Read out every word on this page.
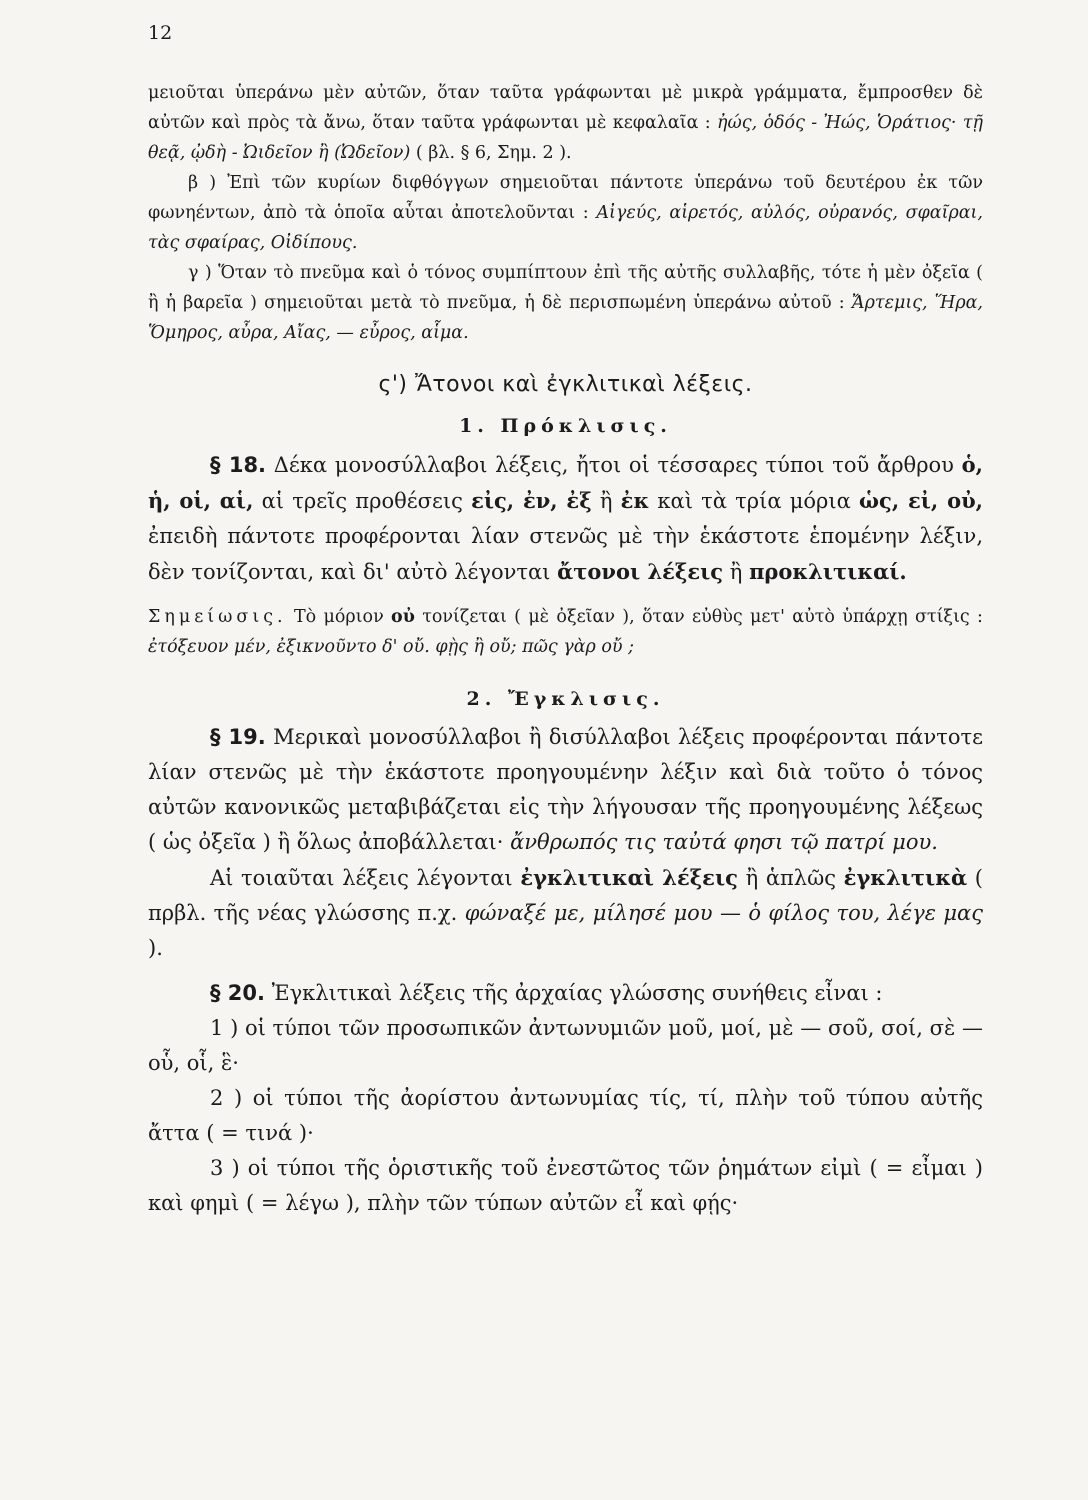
12

μειοῦται ὑπεράνω μὲν αὐτῶν, ὅταν ταῦτα γράφωνται μὲ μικρὰ γράμματα, ἔμπροσθεν δὲ αὐτῶν καὶ πρὸς τὰ ἄνω, ὅταν ταῦτα γράφωνται μὲ κεφαλαῖα : ἠώς, ὁδός - Ἠώς, Ὁράτιος· τῇ θεᾷ, ᾠδὴ - Ὠιδεῖον ἢ (Ὠδεῖον) ( βλ. § 6, Σημ. 2 ).

β ) Ἐπὶ τῶν κυρίων διφθόγγων σημειοῦται πάντοτε ὑπεράνω τοῦ δευτέρου ἐκ τῶν φωνηέντων, ἀπὸ τὰ ὁποῖα αὗται ἀποτελοῦνται : Αἰγεύς, αἱρετός, αὐλός, οὐρανός, σφαῖραι, τὰς σφαίρας, Οἰδίπους.

γ ) Ὅταν τὸ πνεῦμα καὶ ὁ τόνος συμπίπτουν ἐπὶ τῆς αὐτῆς συλλαβῆς, τότε ἡ μὲν ὀξεῖα ( ἢ ἡ βαρεῖα ) σημειοῦται μετὰ τὸ πνεῦμα, ἡ δὲ περισπωμένη ὑπεράνω αὐτοῦ : Ἄρτεμις, Ἥρα, Ὅμηρος, αὖρα, Αἴας, — εὖρος, αἷμα.

ς') Ἄτονοι καὶ ἐγκλιτικαὶ λέξεις.
1. Πρόκλισις.

§ 18. Δέκα μονοσύλλαβοι λέξεις, ἤτοι οἱ τέσσαρες τύποι τοῦ ἄρθρου ὁ, ἡ, οἱ, αἱ, αἱ τρεῖς προθέσεις εἰς, ἐν, ἐξ ἢ ἐκ καὶ τὰ τρία μόρια ὡς, εἰ, οὐ, ἐπειδὴ πάντοτε προφέρονται λίαν στενῶς μὲ τὴν ἑκάστοτε ἑπομένην λέξιν, δὲν τονίζονται, καὶ δι' αὐτὸ λέγονται ἄτονοι λέξεις ἢ προκλιτικαί.

Σημείωσις. Τὸ μόριον οὐ τονίζεται ( μὲ ὀξεῖαν ), ὅταν εὐθὺς μετ' αὐτὸ ὑπάρχῃ στίξις : ἐτόξευον μέν, ἐξικνοῦντο δ' οὔ. φῂς ἢ οὔ; πῶς γὰρ οὔ ;

2. Ἔγκλισις.

§ 19. Μερικαὶ μονοσύλλαβοι ἢ δισύλλαβοι λέξεις προφέρονται πάντοτε λίαν στενῶς μὲ τὴν ἑκάστοτε προηγουμένην λέξιν καὶ διὰ τοῦτο ὁ τόνος αὐτῶν κανονικῶς μεταβιβάζεται εἰς τὴν λήγουσαν τῆς προηγουμένης λέξεως ( ὡς ὀξεῖα ) ἢ ὅλως ἀποβάλλεται· ἄνθρωπός τις ταὐτά φησι τῷ πατρί μου.

Αἱ τοιαῦται λέξεις λέγονται ἐγκλιτικαὶ λέξεις ἢ ἁπλῶς ἐγκλιτικὰ ( πρβλ. τῆς νέας γλώσσης π.χ. φώναξέ με, μίλησέ μου — ὁ φίλος του, λέγε μας ).

§ 20. Ἐγκλιτικαὶ λέξεις τῆς ἀρχαίας γλώσσης συνήθεις εἶναι :

1 ) οἱ τύποι τῶν προσωπικῶν ἀντωνυμιῶν μοῦ, μοί, μὲ — σοῦ, σοί, σὲ — οὗ, οἷ, ἓ·

2 ) οἱ τύποι τῆς ἀορίστου ἀντωνυμίας τίς, τί, πλὴν τοῦ τύπου αὐτῆς ἄττα ( = τινά )·

3 ) οἱ τύποι τῆς ὁριστικῆς τοῦ ἐνεστῶτος τῶν ῥημάτων εἰμὶ ( = εἶμαι ) καὶ φημὶ ( = λέγω ), πλὴν τῶν τύπων αὐτῶν εἶ καὶ φῄς·
